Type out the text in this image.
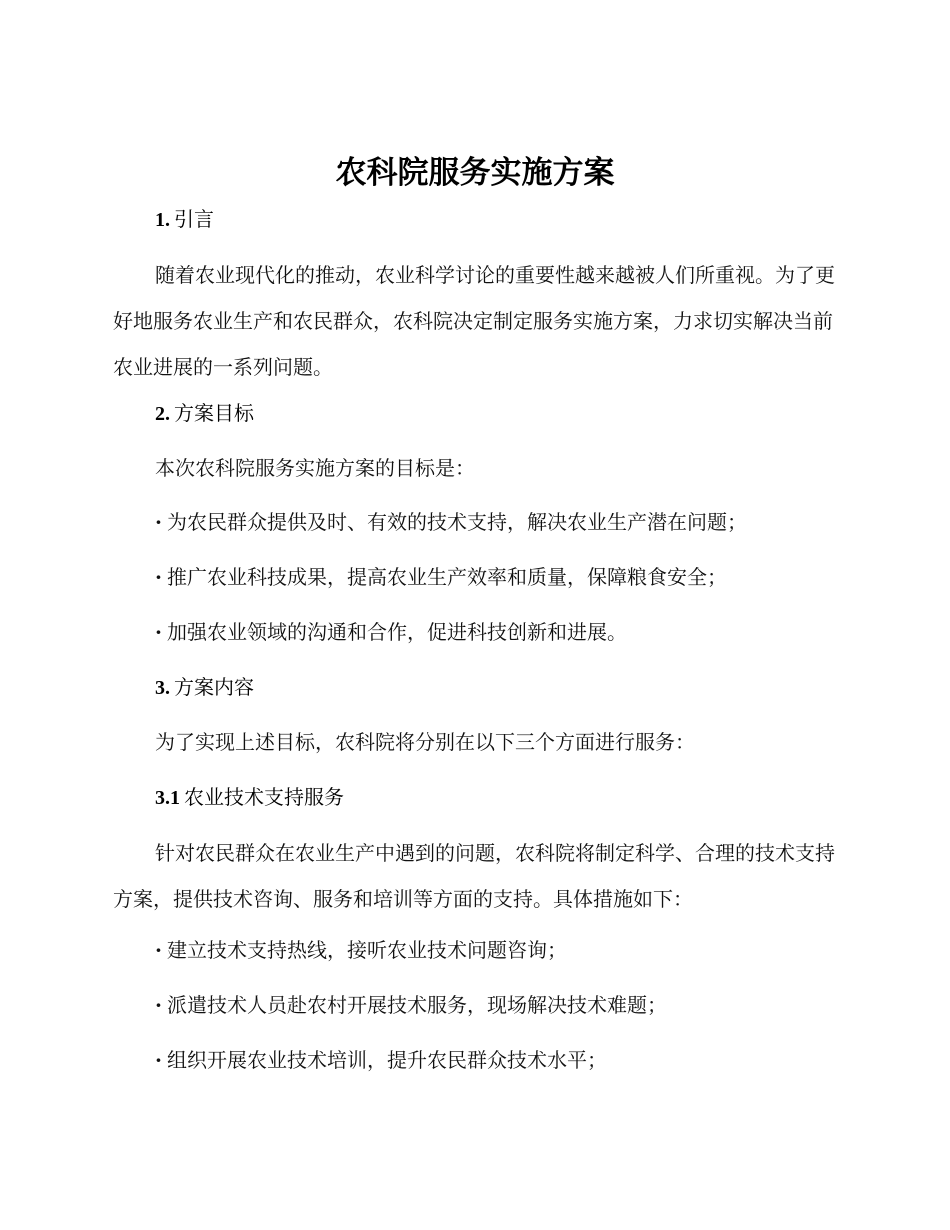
农科院服务实施方案
1. 引言
随着农业现代化的推动，农业科学讨论的重要性越来越被人们所重视。为了更好地服务农业生产和农民群众，农科院决定制定服务实施方案，力求切实解决当前农业进展的一系列问题。
2. 方案目标
本次农科院服务实施方案的目标是：
· 为农民群众提供及时、有效的技术支持，解决农业生产潜在问题；
· 推广农业科技成果，提高农业生产效率和质量，保障粮食安全；
· 加强农业领域的沟通和合作，促进科技创新和进展。
3. 方案内容
为了实现上述目标，农科院将分别在以下三个方面进行服务：
3.1 农业技术支持服务
针对农民群众在农业生产中遇到的问题，农科院将制定科学、合理的技术支持方案，提供技术咨询、服务和培训等方面的支持。具体措施如下：
· 建立技术支持热线，接听农业技术问题咨询；
· 派遣技术人员赴农村开展技术服务，现场解决技术难题；
· 组织开展农业技术培训，提升农民群众技术水平；
